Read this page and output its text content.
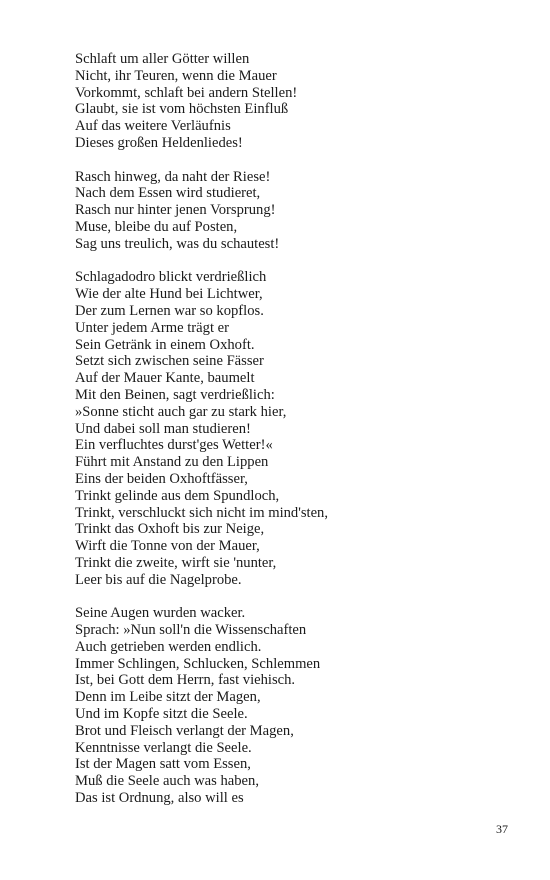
Schlaft um aller Götter willen
Nicht, ihr Teuren, wenn die Mauer
Vorkommt, schlaft bei andern Stellen!
Glaubt, sie ist vom höchsten Einfluß
Auf das weitere Verläufnis
Dieses großen Heldenliedes!
Rasch hinweg, da naht der Riese!
Nach dem Essen wird studieret,
Rasch nur hinter jenen Vorsprung!
Muse, bleibe du auf Posten,
Sag uns treulich, was du schautest!
Schlagadodro blickt verdrießlich
Wie der alte Hund bei Lichtwer,
Der zum Lernen war so kopflos.
Unter jedem Arme trägt er
Sein Getränk in einem Oxhoft.
Setzt sich zwischen seine Fässer
Auf der Mauer Kante, baumelt
Mit den Beinen, sagt verdrießlich:
»Sonne sticht auch gar zu stark hier,
Und dabei soll man studieren!
Ein verfluchtes durst'ges Wetter!«
Führt mit Anstand zu den Lippen
Eins der beiden Oxhoftfässer,
Trinkt gelinde aus dem Spundloch,
Trinkt, verschluckt sich nicht im mind'sten,
Trinkt das Oxhoft bis zur Neige,
Wirft die Tonne von der Mauer,
Trinkt die zweite, wirft sie 'nunter,
Leer bis auf die Nagelprobe.
Seine Augen wurden wacker.
Sprach: »Nun soll'n die Wissenschaften
Auch getrieben werden endlich.
Immer Schlingen, Schlucken, Schlemmen
Ist, bei Gott dem Herrn, fast viehisch.
Denn im Leibe sitzt der Magen,
Und im Kopfe sitzt die Seele.
Brot und Fleisch verlangt der Magen,
Kenntnisse verlangt die Seele.
Ist der Magen satt vom Essen,
Muß die Seele auch was haben,
Das ist Ordnung, also will es
37
